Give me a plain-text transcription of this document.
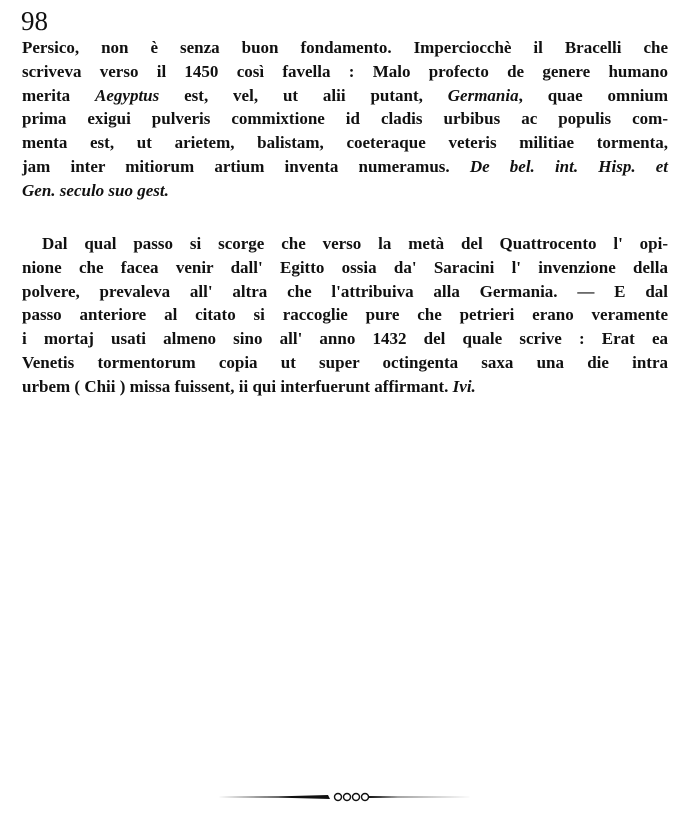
98
Persico, non è senza buon fondamento. Imperciocchè il Bracelli che
scriveva verso il 1450 così favella : Malo profecto de genere humano
merita Aegyptus est, vel, ut alii putant, Germania, quae omnium
prima exigui pulveris commixtione id cladis urbibus ac populis com-
menta est, ut arietem, balistam, coeteraque veteris militiae tormenta,
jam inter mitiorum artium inventa numeramus. De bel. int. Hisp. et
Gen. seculo suo gest.
Dal qual passo si scorge che verso la metà del Quattrocento l' opi-
nione che facea venir dall' Egitto ossia da' Saracini l' invenzione della
polvere, prevaleva all' altra che l'attribuiva alla Germania. — E dal
passo anteriore al citato si raccoglie pure che petrieri erano veramente
i mortaj usati almeno sino all' anno 1432 del quale scrive : Erat ea
Venetis tormentorum copia ut super octingenta saxa una die intra
urbem ( Chii ) missa fuissent, ii qui interfuerunt affirmant. Ivi.
